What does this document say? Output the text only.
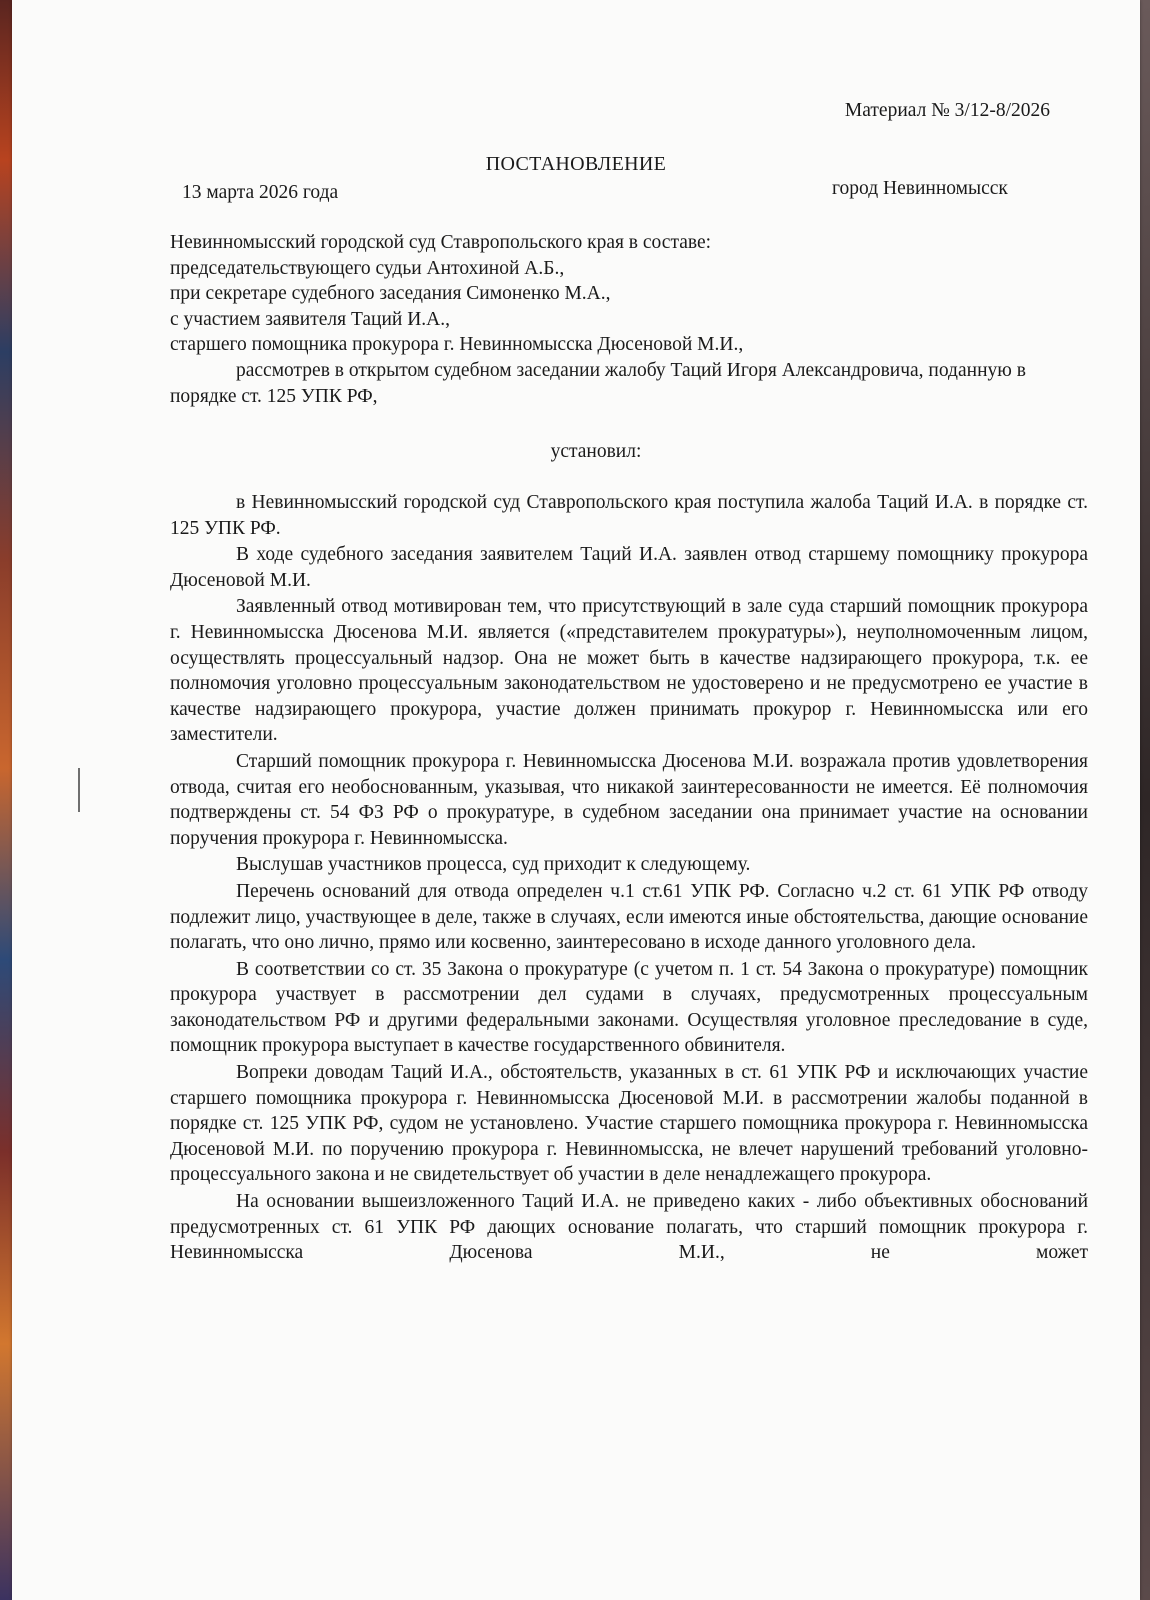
Материал № 3/12-8/2026
ПОСТАНОВЛЕНИЕ
13 марта 2026 года	город Невинномысск

Невинномысский городской суд Ставропольского края в составе:

председательствующего судьи Антохиной А.Б.,

при секретаре судебного заседания Симоненко М.А.,

с участием заявителя Таций И.А.,

старшего помощника прокурора г. Невинномысска Дюсеновой М.И.,

рассмотрев в открытом судебном заседании жалобу Таций Игоря Александровича, поданную в порядке ст. 125 УПК РФ,

установил:

в Невинномысский городской суд Ставропольского края поступила жалоба Таций И.А. в порядке ст. 125 УПК РФ.

В ходе судебного заседания заявителем Таций И.А. заявлен отвод старшему помощнику прокурора Дюсеновой М.И.

Заявленный отвод мотивирован тем, что присутствующий в зале суда старший помощник прокурора г. Невинномысска Дюсенова М.И. является («представителем прокуратуры»), неуполномоченным лицом, осуществлять процессуальный надзор. Она не может быть в качестве надзирающего прокурора, т.к. ее полномочия уголовно процессуальным законодательством не удостоверено и не предусмотрено ее участие в качестве надзирающего прокурора, участие должен принимать прокурор г. Невинномысска или его заместители.

Старший помощник прокурора г. Невинномысска Дюсенова М.И. возражала против удовлетворения отвода, считая его необоснованным, указывая, что никакой заинтересованности не имеется. Её полномочия подтверждены ст. 54 ФЗ РФ о прокуратуре, в судебном заседании она принимает участие на основании поручения прокурора г. Невинномысска.

Выслушав участников процесса, суд приходит к следующему.

Перечень оснований для отвода определен ч.1 ст.61 УПК РФ. Согласно ч.2 ст. 61 УПК РФ отводу подлежит лицо, участвующее в деле, также в случаях, если имеются иные обстоятельства, дающие основание полагать, что оно лично, прямо или косвенно, заинтересовано в исходе данного уголовного дела.

В соответствии со ст. 35 Закона о прокуратуре (с учетом п. 1 ст. 54 Закона о прокуратуре) помощник прокурора участвует в рассмотрении дел судами в случаях, предусмотренных процессуальным законодательством РФ и другими федеральными законами. Осуществляя уголовное преследование в суде, помощник прокурора выступает в качестве государственного обвинителя.

Вопреки доводам Таций И.А., обстоятельств, указанных в ст. 61 УПК РФ и исключающих участие старшего помощника прокурора г. Невинномысска Дюсеновой М.И. в рассмотрении жалобы поданной в порядке ст. 125 УПК РФ, судом не установлено. Участие старшего помощника прокурора г. Невинномысска Дюсеновой М.И. по поручению прокурора г. Невинномысска, не влечет нарушений требований уголовно-процессуального закона и не свидетельствует об участии в деле ненадлежащего прокурора.

На основании вышеизложенного Таций И.А. не приведено каких - либо объективных обоснований предусмотренных ст. 61 УПК РФ дающих основание полагать, что старший помощник прокурора г. Невинномысска Дюсенова М.И., не может
